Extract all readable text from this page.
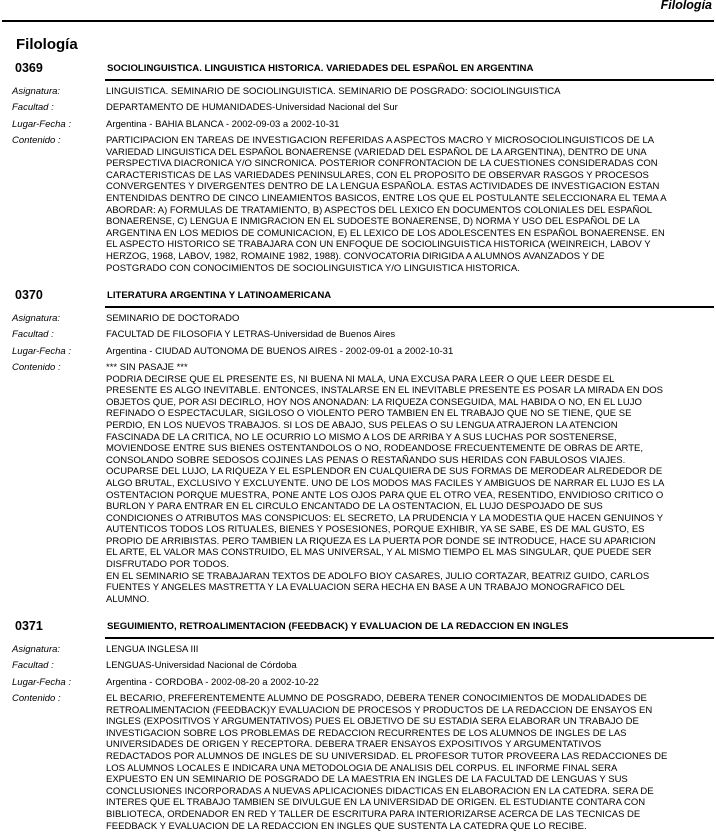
Filología
Filología
0369	SOCIOLINGUISTICA. LINGUISTICA HISTORICA. VARIEDADES DEL ESPAÑOL EN ARGENTINA
Asignatura:	LINGUISTICA. SEMINARIO DE SOCIOLINGUISTICA. SEMINARIO DE POSGRADO: SOCIOLINGUISTICA
Facultad :	DEPARTAMENTO DE HUMANIDADES-Universidad Nacional del Sur
Lugar-Fecha :	Argentina - BAHIA BLANCA - 2002-09-03 a 2002-10-31
Contenido :	PARTICIPACION EN TAREAS DE INVESTIGACION REFERIDAS A ASPECTOS MACRO Y MICROSOCIOLINGUISTICOS DE LA
VARIEDAD LINGUISTICA DEL ESPAÑOL BONAERENSE (VARIEDAD DEL ESPAÑOL DE LA ARGENTINA), DENTRO DE UNA
PERSPECTIVA DIACRONICA Y/O SINCRONICA. POSTERIOR CONFRONTACION DE LA CUESTIONES CONSIDERADAS CON
CARACTERISTICAS DE LAS VARIEDADES PENINSULARES, CON EL PROPOSITO DE OBSERVAR RASGOS Y PROCESOS
CONVERGENTES Y DIVERGENTES DENTRO DE LA LENGUA ESPAÑOLA. ESTAS ACTIVIDADES DE INVESTIGACION ESTAN
ENTENDIDAS DENTRO DE CINCO LINEAMIENTOS BASICOS, ENTRE LOS QUE EL POSTULANTE SELECCIONARA EL TEMA A
ABORDAR: A) FORMULAS DE TRATAMIENTO, B) ASPECTOS DEL LEXICO EN DOCUMENTOS COLONIALES DEL ESPAÑOL
BONAERENSE, C) LENGUA E INMIGRACION EN EL SUDOESTE BONAERENSE, D) NORMA Y USO DEL ESPAÑOL DE LA
ARGENTINA EN LOS MEDIOS DE COMUNICACION, E) EL LEXICO DE LOS ADOLESCENTES EN ESPAÑOL BONAERENSE. EN
EL ASPECTO HISTORICO SE TRABAJARA CON UN ENFOQUE DE SOCIOLINGUISTICA HISTORICA (WEINREICH, LABOV Y
HERZOG, 1968, LABOV, 1982, ROMAINE 1982, 1988). CONVOCATORIA DIRIGIDA A ALUMNOS AVANZADOS Y DE
POSTGRADO CON CONOCIMIENTOS DE SOCIOLINGUISTICA Y/O LINGUISTICA HISTORICA.
0370	LITERATURA ARGENTINA Y LATINOAMERICANA
Asignatura:	SEMINARIO DE DOCTORADO
Facultad :	FACULTAD DE FILOSOFIA Y LETRAS-Universidad de Buenos Aires
Lugar-Fecha :	Argentina - CIUDAD AUTONOMA DE BUENOS AIRES - 2002-09-01 a 2002-10-31
Contenido :	*** SIN PASAJE ***
PODRIA DECIRSE QUE EL PRESENTE ES, NI BUENA NI MALA, UNA EXCUSA PARA LEER O QUE LEER DESDE EL
PRESENTE ES ALGO INEVITABLE. ENTONCES, INSTALARSE EN EL INEVITABLE PRESENTE ES POSAR LA MIRADA EN DOS
OBJETOS QUE, POR ASI DECIRLO, HOY NOS ANONADAN: LA RIQUEZA CONSEGUIDA, MAL HABIDA O NO, EN EL LUJO
REFINADO O ESPECTACULAR, SIGILOSO O VIOLENTO PERO TAMBIEN EN EL TRABAJO QUE NO SE TIENE, QUE SE
PERDIO, EN LOS NUEVOS TRABAJOS. SI LOS DE ABAJO, SUS PELEAS O SU LENGUA ATRAJERON LA ATENCION
FASCINADA DE LA CRITICA, NO LE OCURRIO LO MISMO A LOS DE ARRIBA Y A SUS LUCHAS POR SOSTENERSE,
MOVIENDOSE ENTRE SUS BIENES OSTENTANDOLOS O NO, RODEANDOSE FRECUENTEMENTE DE OBRAS DE ARTE,
CONSOLANDO SOBRE SEDOSOS COJINES LAS PENAS O RESTAÑANDO SUS HERIDAS CON FABULOSOS VIAJES.
OCUPARSE DEL LUJO, LA RIQUEZA Y EL ESPLENDOR EN CUALQUIERA DE SUS FORMAS DE MERODEAR ALREDEDOR DE
ALGO BRUTAL, EXCLUSIVO Y EXCLUYENTE. UNO DE LOS MODOS MAS FACILES Y AMBIGUOS DE NARRAR EL LUJO ES LA
OSTENTACION PORQUE MUESTRA, PONE ANTE LOS OJOS PARA QUE EL OTRO VEA, RESENTIDO, ENVIDIOSO CRITICO O
BURLON Y PARA ENTRAR EN EL CIRCULO ENCANTADO DE LA OSTENTACION, EL LUJO DESPOJADO DE SUS
CONDICIONES O ATRIBUTOS MAS CONSPICUOS: EL SECRETO, LA PRUDENCIA Y LA MODESTIA QUE HACEN GENUINOS Y
AUTENTICOS TODOS LOS RITUALES, BIENES Y POSESIONES, PORQUE EXHIBIR, YA SE SABE, ES DE MAL GUSTO, ES
PROPIO DE ARRIBISTAS. PERO TAMBIEN LA RIQUEZA ES LA PUERTA POR DONDE SE INTRODUCE, HACE SU APARICION
EL ARTE, EL VALOR MAS CONSTRUIDO, EL MAS UNIVERSAL, Y AL MISMO TIEMPO EL MAS SINGULAR, QUE PUEDE SER
DISFRUTADO POR TODOS.
EN EL SEMINARIO SE TRABAJARAN TEXTOS DE ADOLFO BIOY CASARES, JULIO CORTAZAR, BEATRIZ GUIDO, CARLOS
FUENTES Y ANGELES MASTRETTA Y LA EVALUACION SERA HECHA EN BASE A UN TRABAJO MONOGRAFICO DEL
ALUMNO.
0371	SEGUIMIENTO, RETROALIMENTACION (FEEDBACK) Y EVALUACION DE LA REDACCION EN INGLES
Asignatura:	LENGUA INGLESA III
Facultad :	LENGUAS-Universidad Nacional de Córdoba
Lugar-Fecha :	Argentina - CORDOBA - 2002-08-20 a 2002-10-22
Contenido :	EL BECARIO, PREFERENTEMENTE ALUMNO DE POSGRADO, DEBERA TENER CONOCIMIENTOS DE MODALIDADES DE
RETROALIMENTACION (FEEDBACK)Y EVALUACION DE PROCESOS Y PRODUCTOS DE LA REDACCION DE ENSAYOS EN
INGLES (EXPOSITIVOS Y ARGUMENTATIVOS) PUES EL OBJETIVO DE SU ESTADIA SERA ELABORAR UN TRABAJO DE
INVESTIGACION SOBRE LOS PROBLEMAS DE REDACCION RECURRENTES DE LOS ALUMNOS DE INGLES DE LAS
UNIVERSIDADES DE ORIGEN Y RECEPTORA. DEBERA TRAER ENSAYOS EXPOSITIVOS Y ARGUMENTATIVOS
REDACTADOS POR ALUMNOS DE INGLES DE SU UNIVERSIDAD. EL PROFESOR TUTOR PROVEERA LAS REDACCIONES DE
LOS ALUMNOS LOCALES E INDICARA UNA METODOLOGIA DE ANALISIS DEL CORPUS. EL INFORME FINAL SERA
EXPUESTO EN UN SEMINARIO DE POSGRADO DE LA MAESTRIA EN INGLES DE LA FACULTAD DE LENGUAS Y SUS
CONCLUSIONES INCORPORADAS A NUEVAS APLICACIONES DIDACTICAS EN ELABORACION EN LA CATEDRA. SERA DE
INTERES QUE EL TRABAJO TAMBIEN SE DIVULGUE EN LA UNIVERSIDAD DE ORIGEN. EL ESTUDIANTE CONTARA CON
BIBLIOTECA, ORDENADOR EN RED Y TALLER DE ESCRITURA PARA INTERIORIZARSE ACERCA DE LAS TECNICAS DE
FEEDBACK Y EVALUACION DE LA REDACCION EN INGLES QUE SUSTENTA LA CATEDRA QUE LO RECIBE.
